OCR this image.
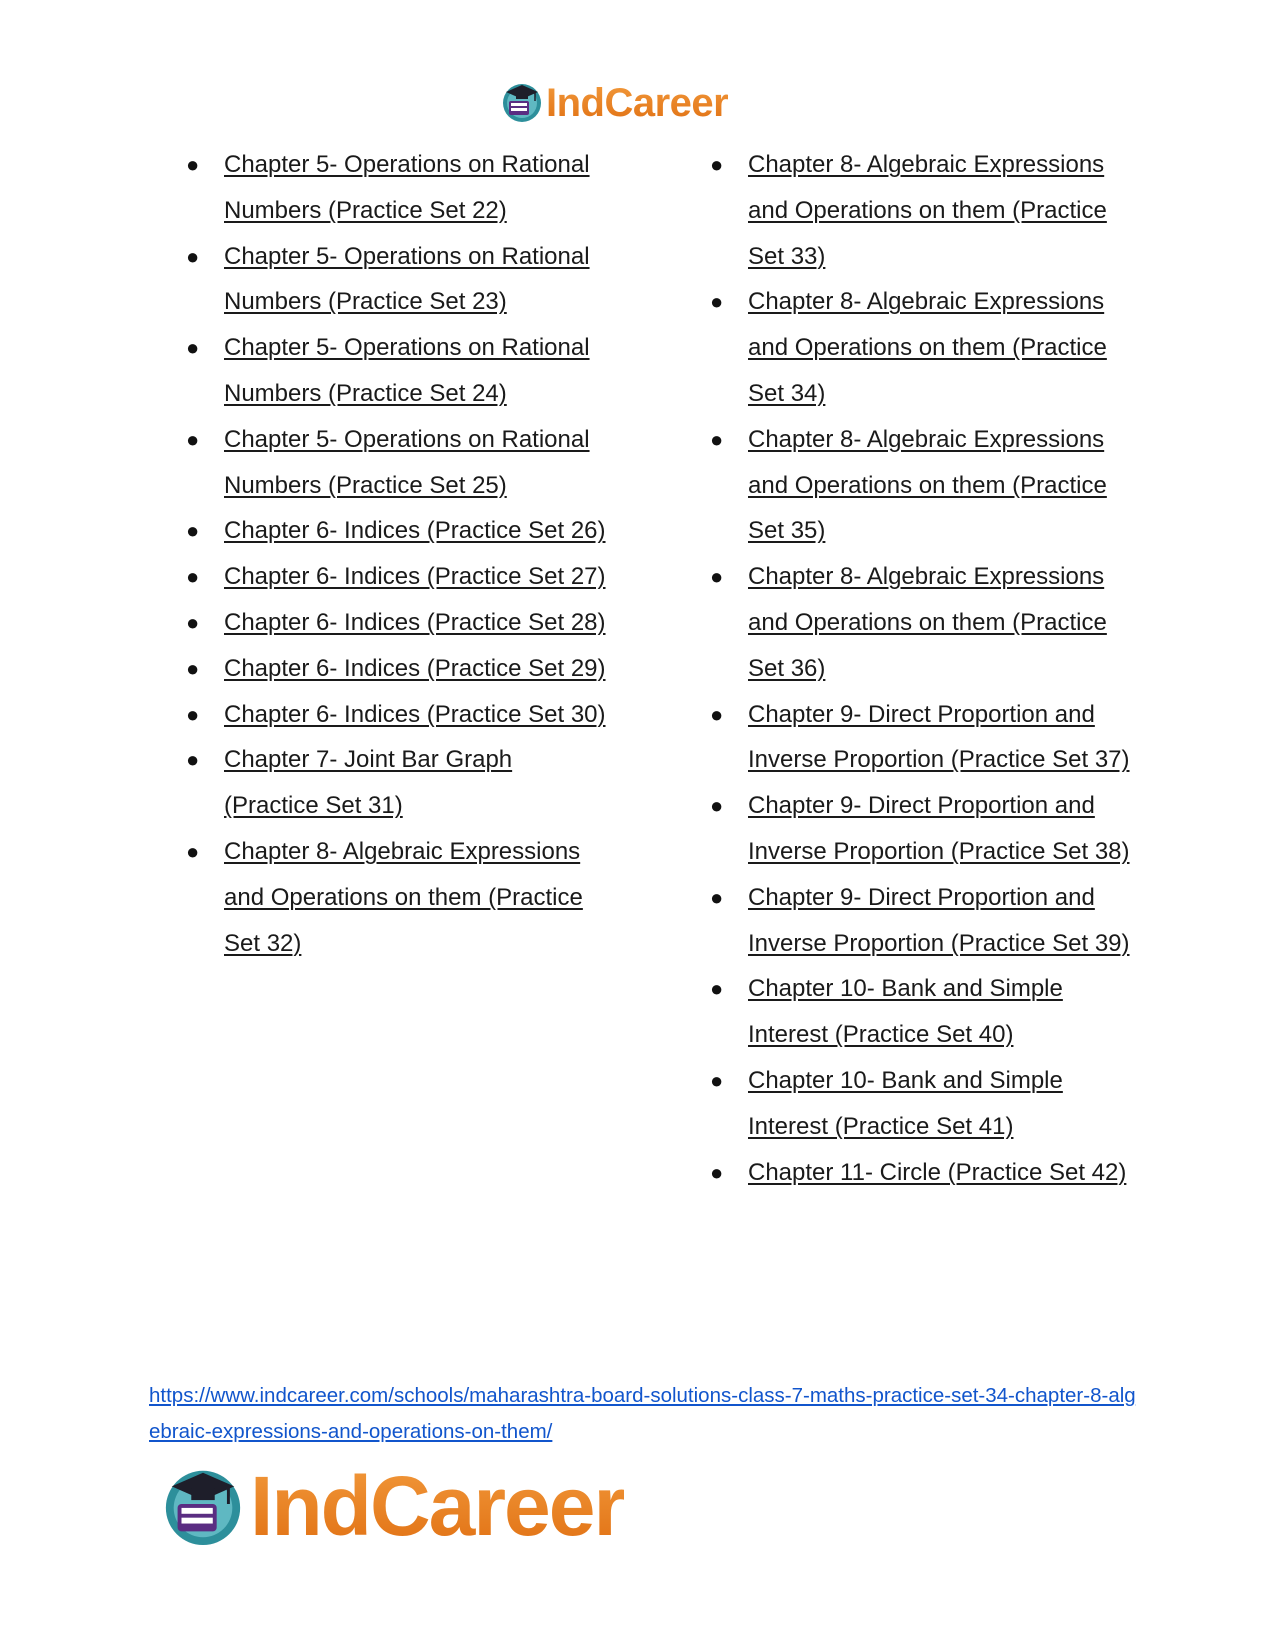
IndCareer
● Chapter 5- Operations on Rational Numbers (Practice Set 22)
● Chapter 5- Operations on Rational Numbers (Practice Set 23)
● Chapter 5- Operations on Rational Numbers (Practice Set 24)
● Chapter 5- Operations on Rational Numbers (Practice Set 25)
● Chapter 6- Indices (Practice Set 26)
● Chapter 6- Indices (Practice Set 27)
● Chapter 6- Indices (Practice Set 28)
● Chapter 6- Indices (Practice Set 29)
● Chapter 6- Indices (Practice Set 30)
● Chapter 7- Joint Bar Graph (Practice Set 31)
● Chapter 8- Algebraic Expressions and Operations on them (Practice Set 32)
● Chapter 8- Algebraic Expressions and Operations on them (Practice Set 33)
● Chapter 8- Algebraic Expressions and Operations on them (Practice Set 34)
● Chapter 8- Algebraic Expressions and Operations on them (Practice Set 35)
● Chapter 8- Algebraic Expressions and Operations on them (Practice Set 36)
● Chapter 9- Direct Proportion and Inverse Proportion (Practice Set 37)
● Chapter 9- Direct Proportion and Inverse Proportion (Practice Set 38)
● Chapter 9- Direct Proportion and Inverse Proportion (Practice Set 39)
● Chapter 10- Bank and Simple Interest (Practice Set 40)
● Chapter 10- Bank and Simple Interest (Practice Set 41)
● Chapter 11- Circle (Practice Set 42)
https://www.indcareer.com/schools/maharashtra-board-solutions-class-7-maths-practice-set-34-chapter-8-algebraic-expressions-and-operations-on-them/
IndCareer
